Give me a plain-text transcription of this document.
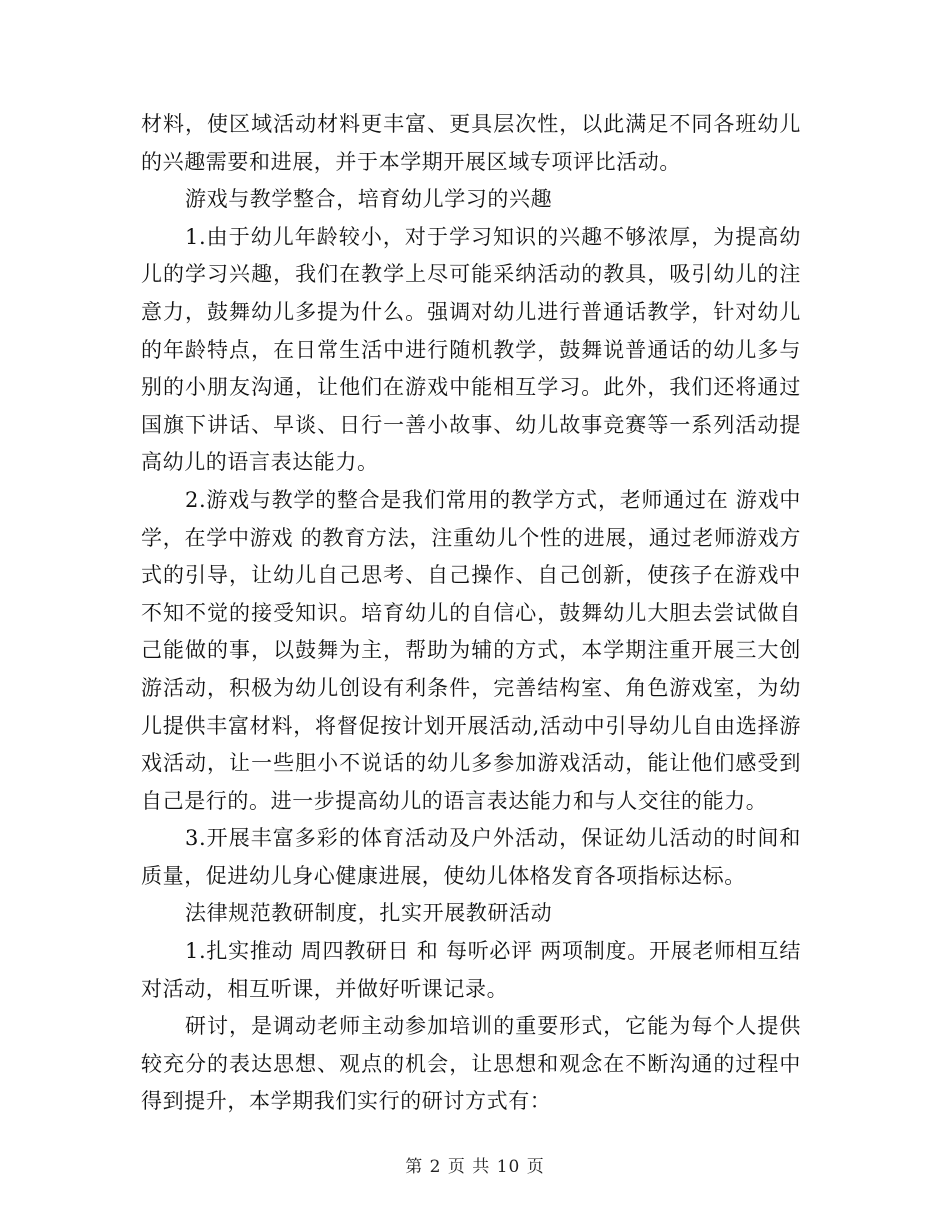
材料，使区域活动材料更丰富、更具层次性，以此满足不同各班幼儿的兴趣需要和进展，并于本学期开展区域专项评比活动。

游戏与教学整合，培育幼儿学习的兴趣

1.由于幼儿年龄较小，对于学习知识的兴趣不够浓厚，为提高幼儿的学习兴趣，我们在教学上尽可能采纳活动的教具，吸引幼儿的注意力，鼓舞幼儿多提为什么。强调对幼儿进行普通话教学，针对幼儿的年龄特点，在日常生活中进行随机教学，鼓舞说普通话的幼儿多与别的小朋友沟通，让他们在游戏中能相互学习。此外，我们还将通过国旗下讲话、早谈、日行一善小故事、幼儿故事竞赛等一系列活动提高幼儿的语言表达能力。

2.游戏与教学的整合是我们常用的教学方式，老师通过在 游戏中学，在学中游戏 的教育方法，注重幼儿个性的进展，通过老师游戏方式的引导，让幼儿自己思考、自己操作、自己创新，使孩子在游戏中不知不觉的接受知识。培育幼儿的自信心，鼓舞幼儿大胆去尝试做自己能做的事，以鼓舞为主，帮助为辅的方式，本学期注重开展三大创游活动，积极为幼儿创设有利条件，完善结构室、角色游戏室，为幼儿提供丰富材料，将督促按计划开展活动,活动中引导幼儿自由选择游戏活动，让一些胆小不说话的幼儿多参加游戏活动，能让他们感受到自己是行的。进一步提高幼儿的语言表达能力和与人交往的能力。

3.开展丰富多彩的体育活动及户外活动，保证幼儿活动的时间和质量，促进幼儿身心健康进展，使幼儿体格发育各项指标达标。

法律规范教研制度，扎实开展教研活动

1.扎实推动 周四教研日 和 每听必评 两项制度。开展老师相互结对活动，相互听课，并做好听课记录。

研讨，是调动老师主动参加培训的重要形式，它能为每个人提供较充分的表达思想、观点的机会，让思想和观念在不断沟通的过程中得到提升，本学期我们实行的研讨方式有：

第 2 页 共 10 页
